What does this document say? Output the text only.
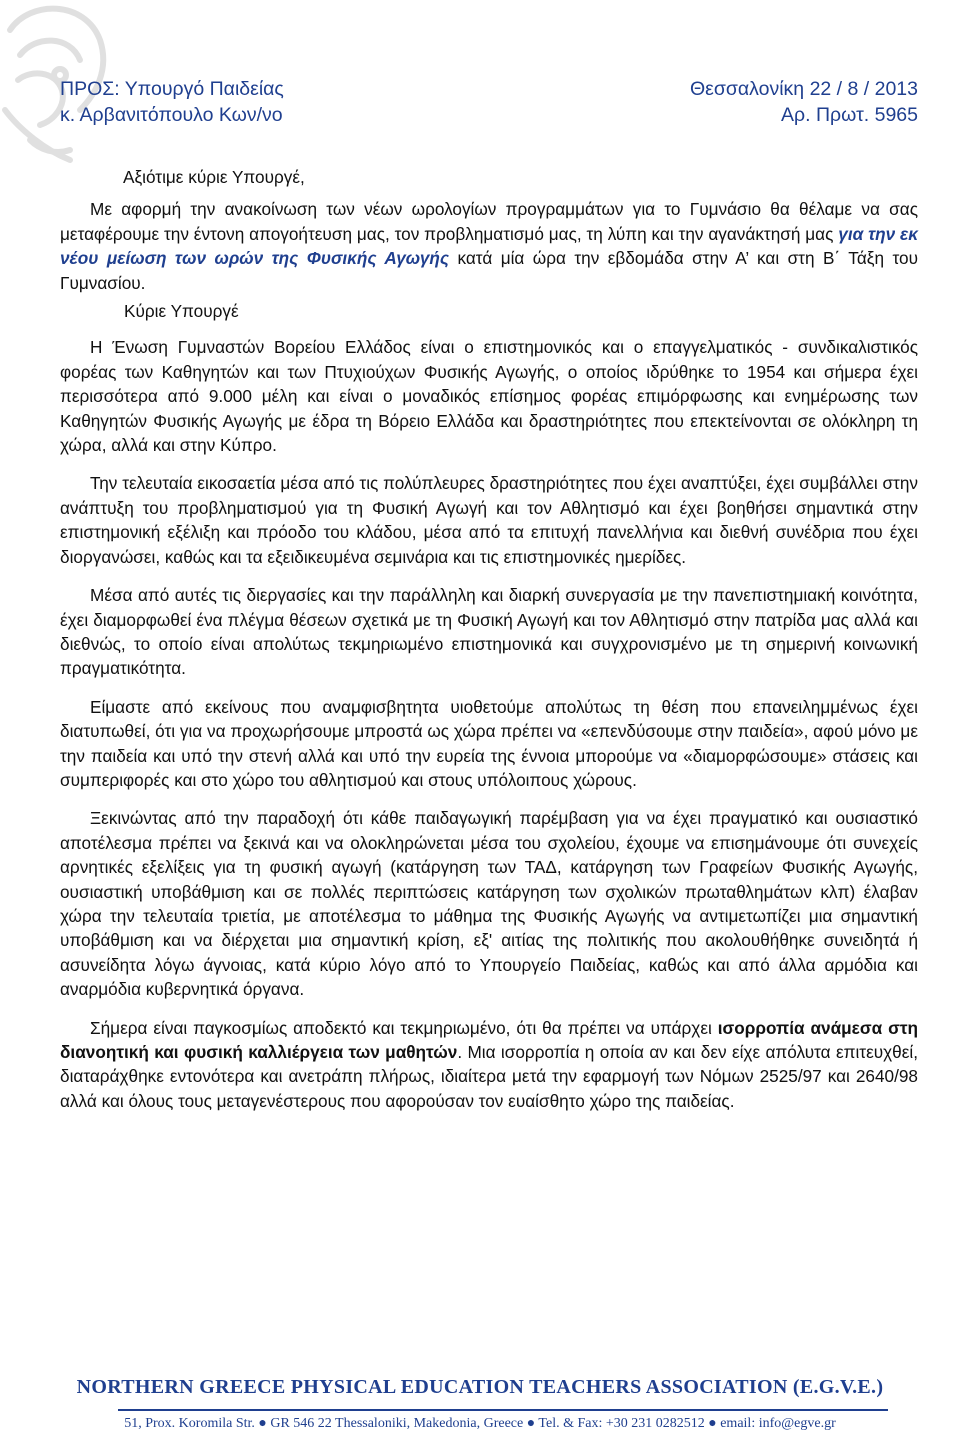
ΠΡΟΣ: Υπουργό Παιδείας	Θεσσαλονίκη 22 / 8 / 2013
κ. Αρβανιτόπουλο Κων/νο	Αρ. Πρωτ. 5965

Αξιότιμε κύριε Υπουργέ,

Με αφορμή την ανακοίνωση των νέων ωρολογίων προγραμμάτων για το Γυμνάσιο θα θέλαμε να σας μεταφέρουμε την έντονη απογοήτευση μας, τον προβληματισμό μας, τη λύπη και την αγανάκτησή μας για την εκ νέου μείωση των ωρών της Φυσικής Αγωγής κατά μία ώρα την εβδομάδα στην Α’ και στη Β΄ Τάξη του Γυμνασίου.

Κύριε Υπουργέ

Η Ένωση Γυμναστών Βορείου Ελλάδος είναι ο επιστημονικός και ο επαγγελματικός - συνδικαλιστικός φορέας των Καθηγητών και των Πτυχιούχων Φυσικής Αγωγής, ο οποίος ιδρύθηκε το 1954 και σήμερα έχει περισσότερα από 9.000 μέλη και είναι ο μοναδικός επίσημος φορέας επιμόρφωσης και ενημέρωσης των Καθηγητών Φυσικής Αγωγής με έδρα τη Βόρειο Ελλάδα και δραστηριότητες που επεκτείνονται σε ολόκληρη τη χώρα, αλλά και στην Κύπρο.

Την τελευταία εικοσαετία μέσα από τις πολύπλευρες δραστηριότητες που έχει αναπτύξει, έχει συμβάλλει στην ανάπτυξη του προβληματισμού για τη Φυσική Αγωγή και τον Αθλητισμό και έχει βοηθήσει σημαντικά στην επιστημονική εξέλιξη και πρόοδο του κλάδου, μέσα από τα επιτυχή πανελλήνια και διεθνή συνέδρια που έχει διοργανώσει, καθώς και τα εξειδικευμένα σεμινάρια και τις επιστημονικές ημερίδες.

Μέσα από αυτές τις διεργασίες και την παράλληλη και διαρκή συνεργασία με την πανεπιστημιακή κοινότητα, έχει διαμορφωθεί ένα πλέγμα θέσεων σχετικά με τη Φυσική Αγωγή και τον Αθλητισμό στην πατρίδα μας αλλά και διεθνώς, το οποίο είναι απολύτως τεκμηριωμένο επιστημονικά και συγχρονισμένο με τη σημερινή κοινωνική πραγματικότητα.

Είμαστε από εκείνους που αναμφισβητητα υιοθετούμε απολύτως τη θέση που επανειλημμένως έχει διατυπωθεί, ότι για να προχωρήσουμε μπροστά ως χώρα πρέπει να «επενδύσουμε στην παιδεία», αφού μόνο με την παιδεία και υπό την στενή αλλά και υπό την ευρεία της έννοια μπορούμε να «διαμορφώσουμε» στάσεις και συμπεριφορές και στο χώρο του αθλητισμού και στους υπόλοιπους χώρους.

Ξεκινώντας από την παραδοχή ότι κάθε παιδαγωγική παρέμβαση για να έχει πραγματικό και ουσιαστικό αποτέλεσμα πρέπει να ξεκινά και να ολοκληρώνεται μέσα του σχολείου, έχουμε να επισημάνουμε ότι συνεχείς αρνητικές εξελίξεις για τη φυσική αγωγή (κατάργηση των ΤΑΔ, κατάργηση των Γραφείων Φυσικής Αγωγής, ουσιαστική υποβάθμιση και σε πολλές περιπτώσεις κατάργηση των σχολικών πρωταθλημάτων κλπ) έλαβαν χώρα την τελευταία τριετία, με αποτέλεσμα το μάθημα της Φυσικής Αγωγής να αντιμετωπίζει μια σημαντική υποβάθμιση και να διέρχεται μια σημαντική κρίση, εξ' αιτίας της πολιτικής που ακολουθήθηκε συνειδητά ή ασυνείδητα λόγω άγνοιας, κατά κύριο λόγο από το Υπουργείο Παιδείας, καθώς και από άλλα αρμόδια και αναρμόδια κυβερνητικά όργανα.

Σήμερα είναι παγκοσμίως αποδεκτό και τεκμηριωμένο, ότι θα πρέπει να υπάρχει ισορροπία ανάμεσα στη διανοητική και φυσική καλλιέργεια των μαθητών. Μια ισορροπία η οποία αν και δεν είχε απόλυτα επιτευχθεί, διαταράχθηκε εντονότερα και ανετράπη πλήρως, ιδιαίτερα μετά την εφαρμογή των Νόμων 2525/97 και 2640/98 αλλά και όλους τους μεταγενέστερους που αφορούσαν τον ευαίσθητο χώρο της παιδείας.

NORTHERN GREECE PHYSICAL EDUCATION TEACHERS ASSOCIATION (E.G.V.E.)
51, Prox. Koromila Str. ● GR 546 22 Thessaloniki, Makedonia, Greece ● Tel. & Fax: +30 231 0282512 ● email: info@egve.gr
